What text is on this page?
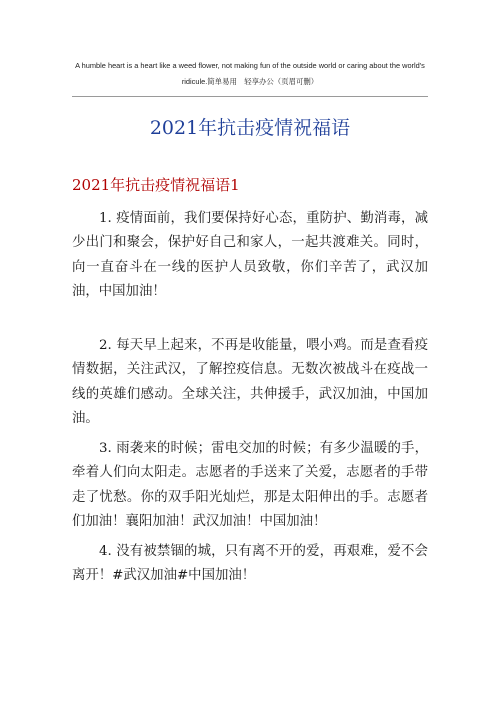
A humble heart is a heart like a weed flower, not making fun of the outside world or caring about the world's
ridicule.简单易用　轻享办公（页眉可删）
2021年抗击疫情祝福语
2021年抗击疫情祝福语1

1. 疫情面前，我们要保持好心态，重防护、勤消毒，减少出门和聚会，保护好自己和家人，一起共渡难关。同时，向一直奋斗在一线的医护人员致敬，你们辛苦了，武汉加油，中国加油！

2. 每天早上起来，不再是收能量，喂小鸡。而是查看疫情数据，关注武汉，了解控疫信息。无数次被战斗在疫战一线的英雄们感动。全球关注，共伸援手，武汉加油，中国加油。

3. 雨袭来的时候；雷电交加的时候；有多少温暖的手，牵着人们向太阳走。志愿者的手送来了关爱，志愿者的手带走了忧愁。你的双手阳光灿烂，那是太阳伸出的手。志愿者们加油！襄阳加油！武汉加油！中国加油！

4. 没有被禁锢的城，只有离不开的爱，再艰难，爱不会离开！#武汉加油#中国加油！
